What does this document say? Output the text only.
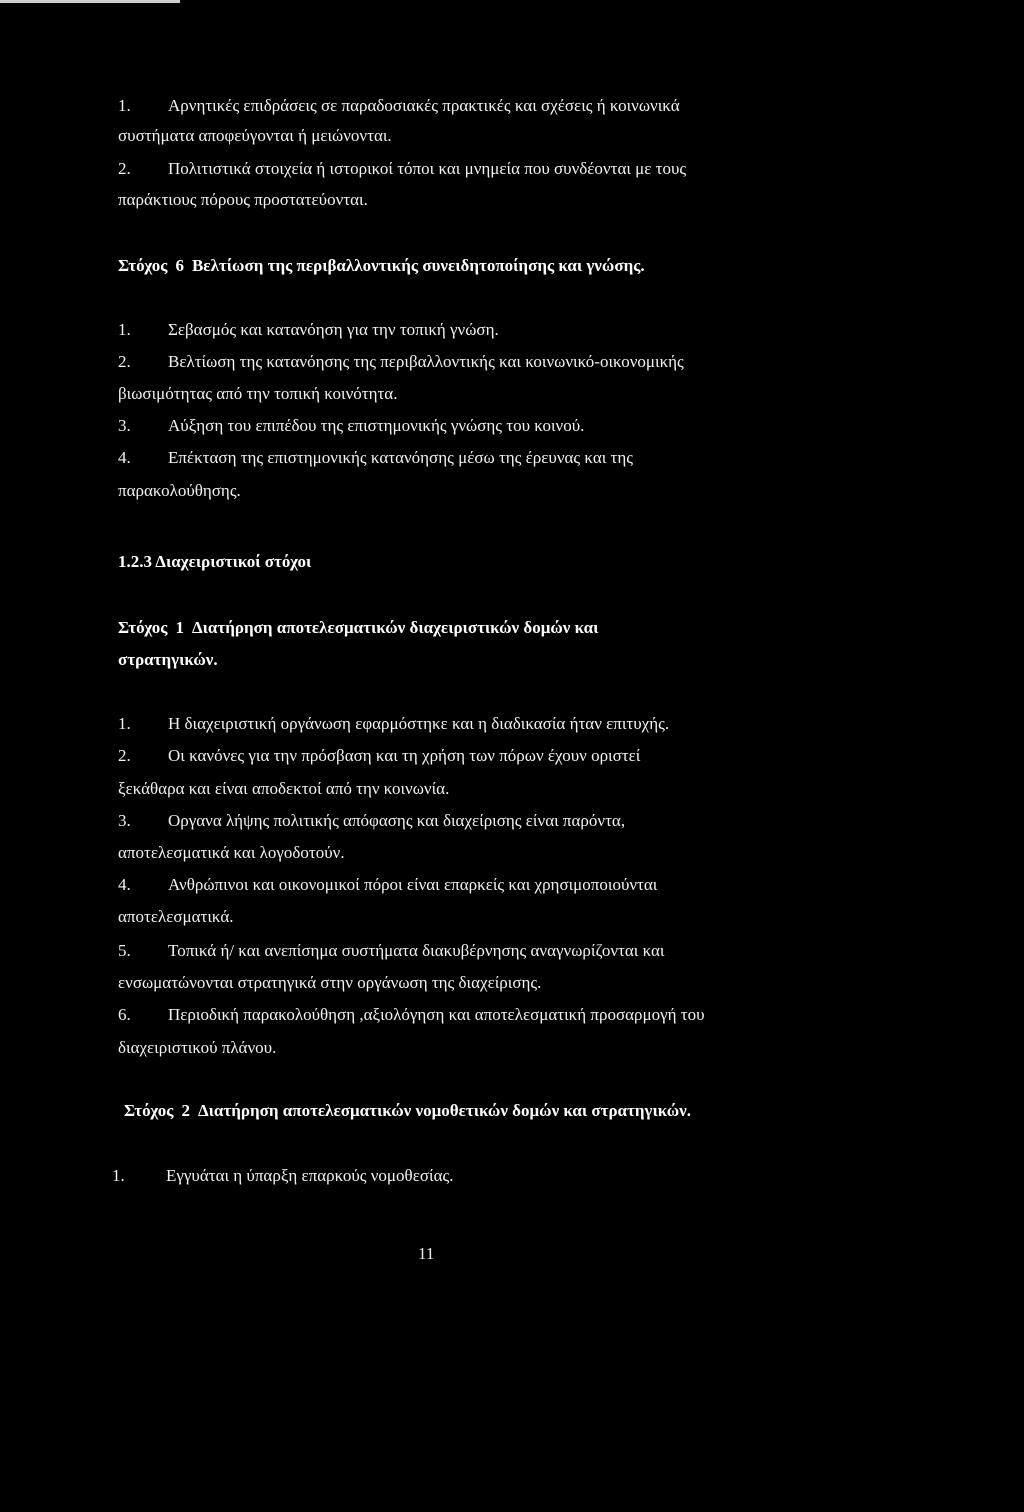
1. Αρνητικές επιδράσεις σε παραδοσιακές πρακτικές και σχέσεις ή κοινωνικά
συστήματα αποφεύγονται ή μειώνονται.
2. Πολιτιστικά στοιχεία ή ιστορικοί τόποι και μνημεία που συνδέονται με τους
παράκτιους πόρους προστατεύονται.
Στόχος 6 Βελτίωση της περιβαλλοντικής συνειδητοποίησης και γνώσης.
1. Σεβασμός και κατανόηση για την τοπική γνώση.
2. Βελτίωση της κατανόησης της περιβαλλοντικής και κοινωνικό-οικονομικής
βιωσιμότητας από την τοπική κοινότητα.
3. Αύξηση του επιπέδου της επιστημονικής γνώσης του κοινού.
4. Επέκταση της επιστημονικής κατανόησης μέσω της έρευνας και της
παρακολούθησης.
1.2.3 Διαχειριστικοί στόχοι
Στόχος 1 Διατήρηση αποτελεσματικών διαχειριστικών δομών και
στρατηγικών.
1. Η διαχειριστική οργάνωση εφαρμόστηκε και η διαδικασία ήταν επιτυχής.
2. Οι κανόνες για την πρόσβαση και τη χρήση των πόρων έχουν οριστεί
ξεκάθαρα και είναι αποδεκτοί από την κοινωνία.
3. Οργανα λήψης πολιτικής απόφασης και διαχείρισης είναι παρόντα,
αποτελεσματικά και λογοδοτούν.
4. Ανθρώπινοι και οικονομικοί πόροι είναι επαρκείς και χρησιμοποιούνται
αποτελεσματικά.
5. Τοπικά ή/ και ανεπίσημα συστήματα διακυβέρνησης αναγνωρίζονται και
ενσωματώνονται στρατηγικά στην οργάνωση της διαχείρισης.
6. Περιοδική παρακολούθηση ,αξιολόγηση και αποτελεσματική προσαρμογή του
διαχειριστικού πλάνου.
Στόχος 2 Διατήρηση αποτελεσματικών νομοθετικών δομών και στρατηγικών.
1. Εγγυάται η ύπαρξη επαρκούς νομοθεσίας.
11
